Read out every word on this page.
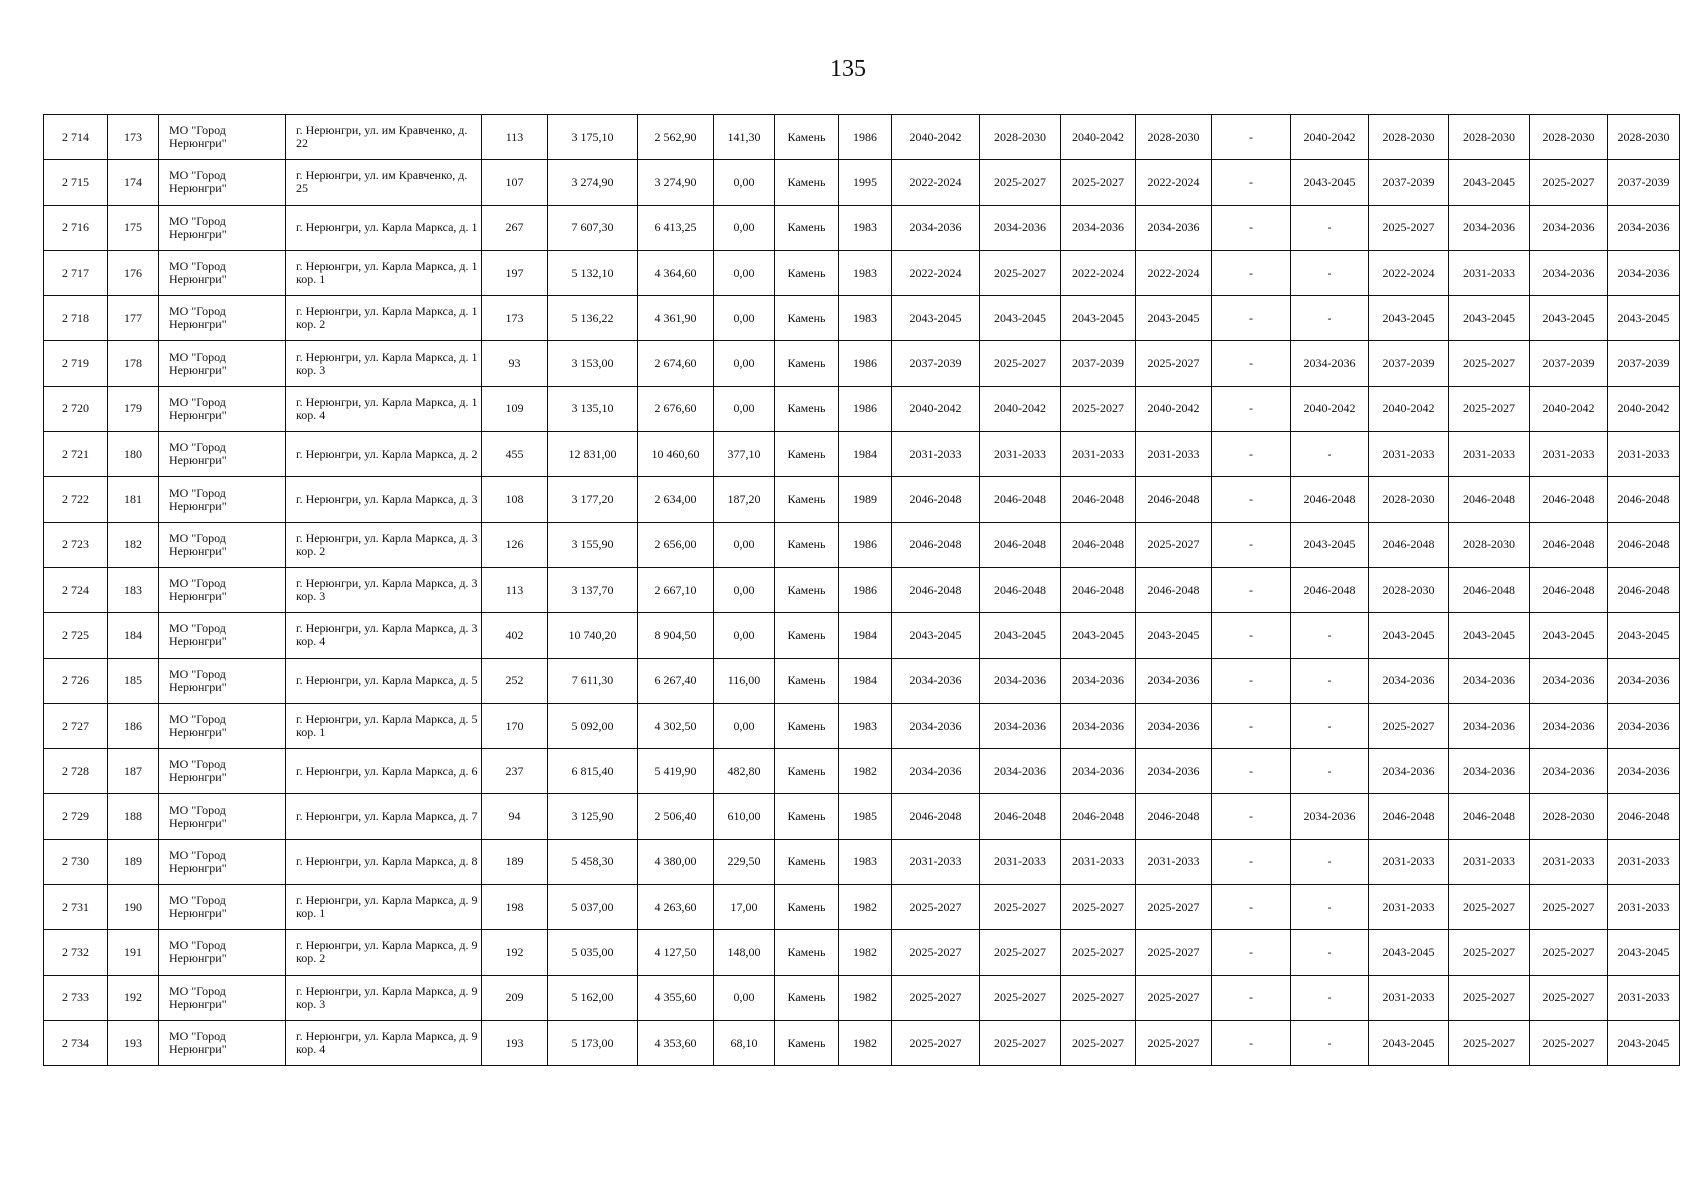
135
2 714	173	МО "Город Нерюнгри"	г. Нерюнгри, ул. им Кравченко, д. 22	113	3 175,10	2 562,90	141,30	Камень	1986	2040-2042	2028-2030	2040-2042	2028-2030	-	2040-2042	2028-2030	2028-2030	2028-2030	2028-2030
2 715	174	МО "Город Нерюнгри"	г. Нерюнгри, ул. им Кравченко, д. 25	107	3 274,90	3 274,90	0,00	Камень	1995	2022-2024	2025-2027	2025-2027	2022-2024	-	2043-2045	2037-2039	2043-2045	2025-2027	2037-2039
2 716	175	МО "Город Нерюнгри"	г. Нерюнгри, ул. Карла Маркса, д. 1	267	7 607,30	6 413,25	0,00	Камень	1983	2034-2036	2034-2036	2034-2036	2034-2036	-	-	2025-2027	2034-2036	2034-2036	2034-2036
2 717	176	МО "Город Нерюнгри"	г. Нерюнгри, ул. Карла Маркса, д. 1 кор. 1	197	5 132,10	4 364,60	0,00	Камень	1983	2022-2024	2025-2027	2022-2024	2022-2024	-	-	2022-2024	2031-2033	2034-2036	2034-2036
2 718	177	МО "Город Нерюнгри"	г. Нерюнгри, ул. Карла Маркса, д. 1 кор. 2	173	5 136,22	4 361,90	0,00	Камень	1983	2043-2045	2043-2045	2043-2045	2043-2045	-	-	2043-2045	2043-2045	2043-2045	2043-2045
2 719	178	МО "Город Нерюнгри"	г. Нерюнгри, ул. Карла Маркса, д. 1 кор. 3	93	3 153,00	2 674,60	0,00	Камень	1986	2037-2039	2025-2027	2037-2039	2025-2027	-	2034-2036	2037-2039	2025-2027	2037-2039	2037-2039
2 720	179	МО "Город Нерюнгри"	г. Нерюнгри, ул. Карла Маркса, д. 1 кор. 4	109	3 135,10	2 676,60	0,00	Камень	1986	2040-2042	2040-2042	2025-2027	2040-2042	-	2040-2042	2040-2042	2025-2027	2040-2042	2040-2042
2 721	180	МО "Город Нерюнгри"	г. Нерюнгри, ул. Карла Маркса, д. 2	455	12 831,00	10 460,60	377,10	Камень	1984	2031-2033	2031-2033	2031-2033	2031-2033	-	-	2031-2033	2031-2033	2031-2033	2031-2033
2 722	181	МО "Город Нерюнгри"	г. Нерюнгри, ул. Карла Маркса, д. 3	108	3 177,20	2 634,00	187,20	Камень	1989	2046-2048	2046-2048	2046-2048	2046-2048	-	2046-2048	2028-2030	2046-2048	2046-2048	2046-2048
2 723	182	МО "Город Нерюнгри"	г. Нерюнгри, ул. Карла Маркса, д. 3 кор. 2	126	3 155,90	2 656,00	0,00	Камень	1986	2046-2048	2046-2048	2046-2048	2025-2027	-	2043-2045	2046-2048	2028-2030	2046-2048	2046-2048
2 724	183	МО "Город Нерюнгри"	г. Нерюнгри, ул. Карла Маркса, д. 3 кор. 3	113	3 137,70	2 667,10	0,00	Камень	1986	2046-2048	2046-2048	2046-2048	2046-2048	-	2046-2048	2028-2030	2046-2048	2046-2048	2046-2048
2 725	184	МО "Город Нерюнгри"	г. Нерюнгри, ул. Карла Маркса, д. 3 кор. 4	402	10 740,20	8 904,50	0,00	Камень	1984	2043-2045	2043-2045	2043-2045	2043-2045	-	-	2043-2045	2043-2045	2043-2045	2043-2045
2 726	185	МО "Город Нерюнгри"	г. Нерюнгри, ул. Карла Маркса, д. 5	252	7 611,30	6 267,40	116,00	Камень	1984	2034-2036	2034-2036	2034-2036	2034-2036	-	-	2034-2036	2034-2036	2034-2036	2034-2036
2 727	186	МО "Город Нерюнгри"	г. Нерюнгри, ул. Карла Маркса, д. 5 кор. 1	170	5 092,00	4 302,50	0,00	Камень	1983	2034-2036	2034-2036	2034-2036	2034-2036	-	-	2025-2027	2034-2036	2034-2036	2034-2036
2 728	187	МО "Город Нерюнгри"	г. Нерюнгри, ул. Карла Маркса, д. 6	237	6 815,40	5 419,90	482,80	Камень	1982	2034-2036	2034-2036	2034-2036	2034-2036	-	-	2034-2036	2034-2036	2034-2036	2034-2036
2 729	188	МО "Город Нерюнгри"	г. Нерюнгри, ул. Карла Маркса, д. 7	94	3 125,90	2 506,40	610,00	Камень	1985	2046-2048	2046-2048	2046-2048	2046-2048	-	2034-2036	2046-2048	2046-2048	2028-2030	2046-2048
2 730	189	МО "Город Нерюнгри"	г. Нерюнгри, ул. Карла Маркса, д. 8	189	5 458,30	4 380,00	229,50	Камень	1983	2031-2033	2031-2033	2031-2033	2031-2033	-	-	2031-2033	2031-2033	2031-2033	2031-2033
2 731	190	МО "Город Нерюнгри"	г. Нерюнгри, ул. Карла Маркса, д. 9 кор. 1	198	5 037,00	4 263,60	17,00	Камень	1982	2025-2027	2025-2027	2025-2027	2025-2027	-	-	2031-2033	2025-2027	2025-2027	2031-2033
2 732	191	МО "Город Нерюнгри"	г. Нерюнгри, ул. Карла Маркса, д. 9 кор. 2	192	5 035,00	4 127,50	148,00	Камень	1982	2025-2027	2025-2027	2025-2027	2025-2027	-	-	2043-2045	2025-2027	2025-2027	2043-2045
2 733	192	МО "Город Нерюнгри"	г. Нерюнгри, ул. Карла Маркса, д. 9 кор. 3	209	5 162,00	4 355,60	0,00	Камень	1982	2025-2027	2025-2027	2025-2027	2025-2027	-	-	2031-2033	2025-2027	2025-2027	2031-2033
2 734	193	МО "Город Нерюнгри"	г. Нерюнгри, ул. Карла Маркса, д. 9 кор. 4	193	5 173,00	4 353,60	68,10	Камень	1982	2025-2027	2025-2027	2025-2027	2025-2027	-	-	2043-2045	2025-2027	2025-2027	2043-2045
